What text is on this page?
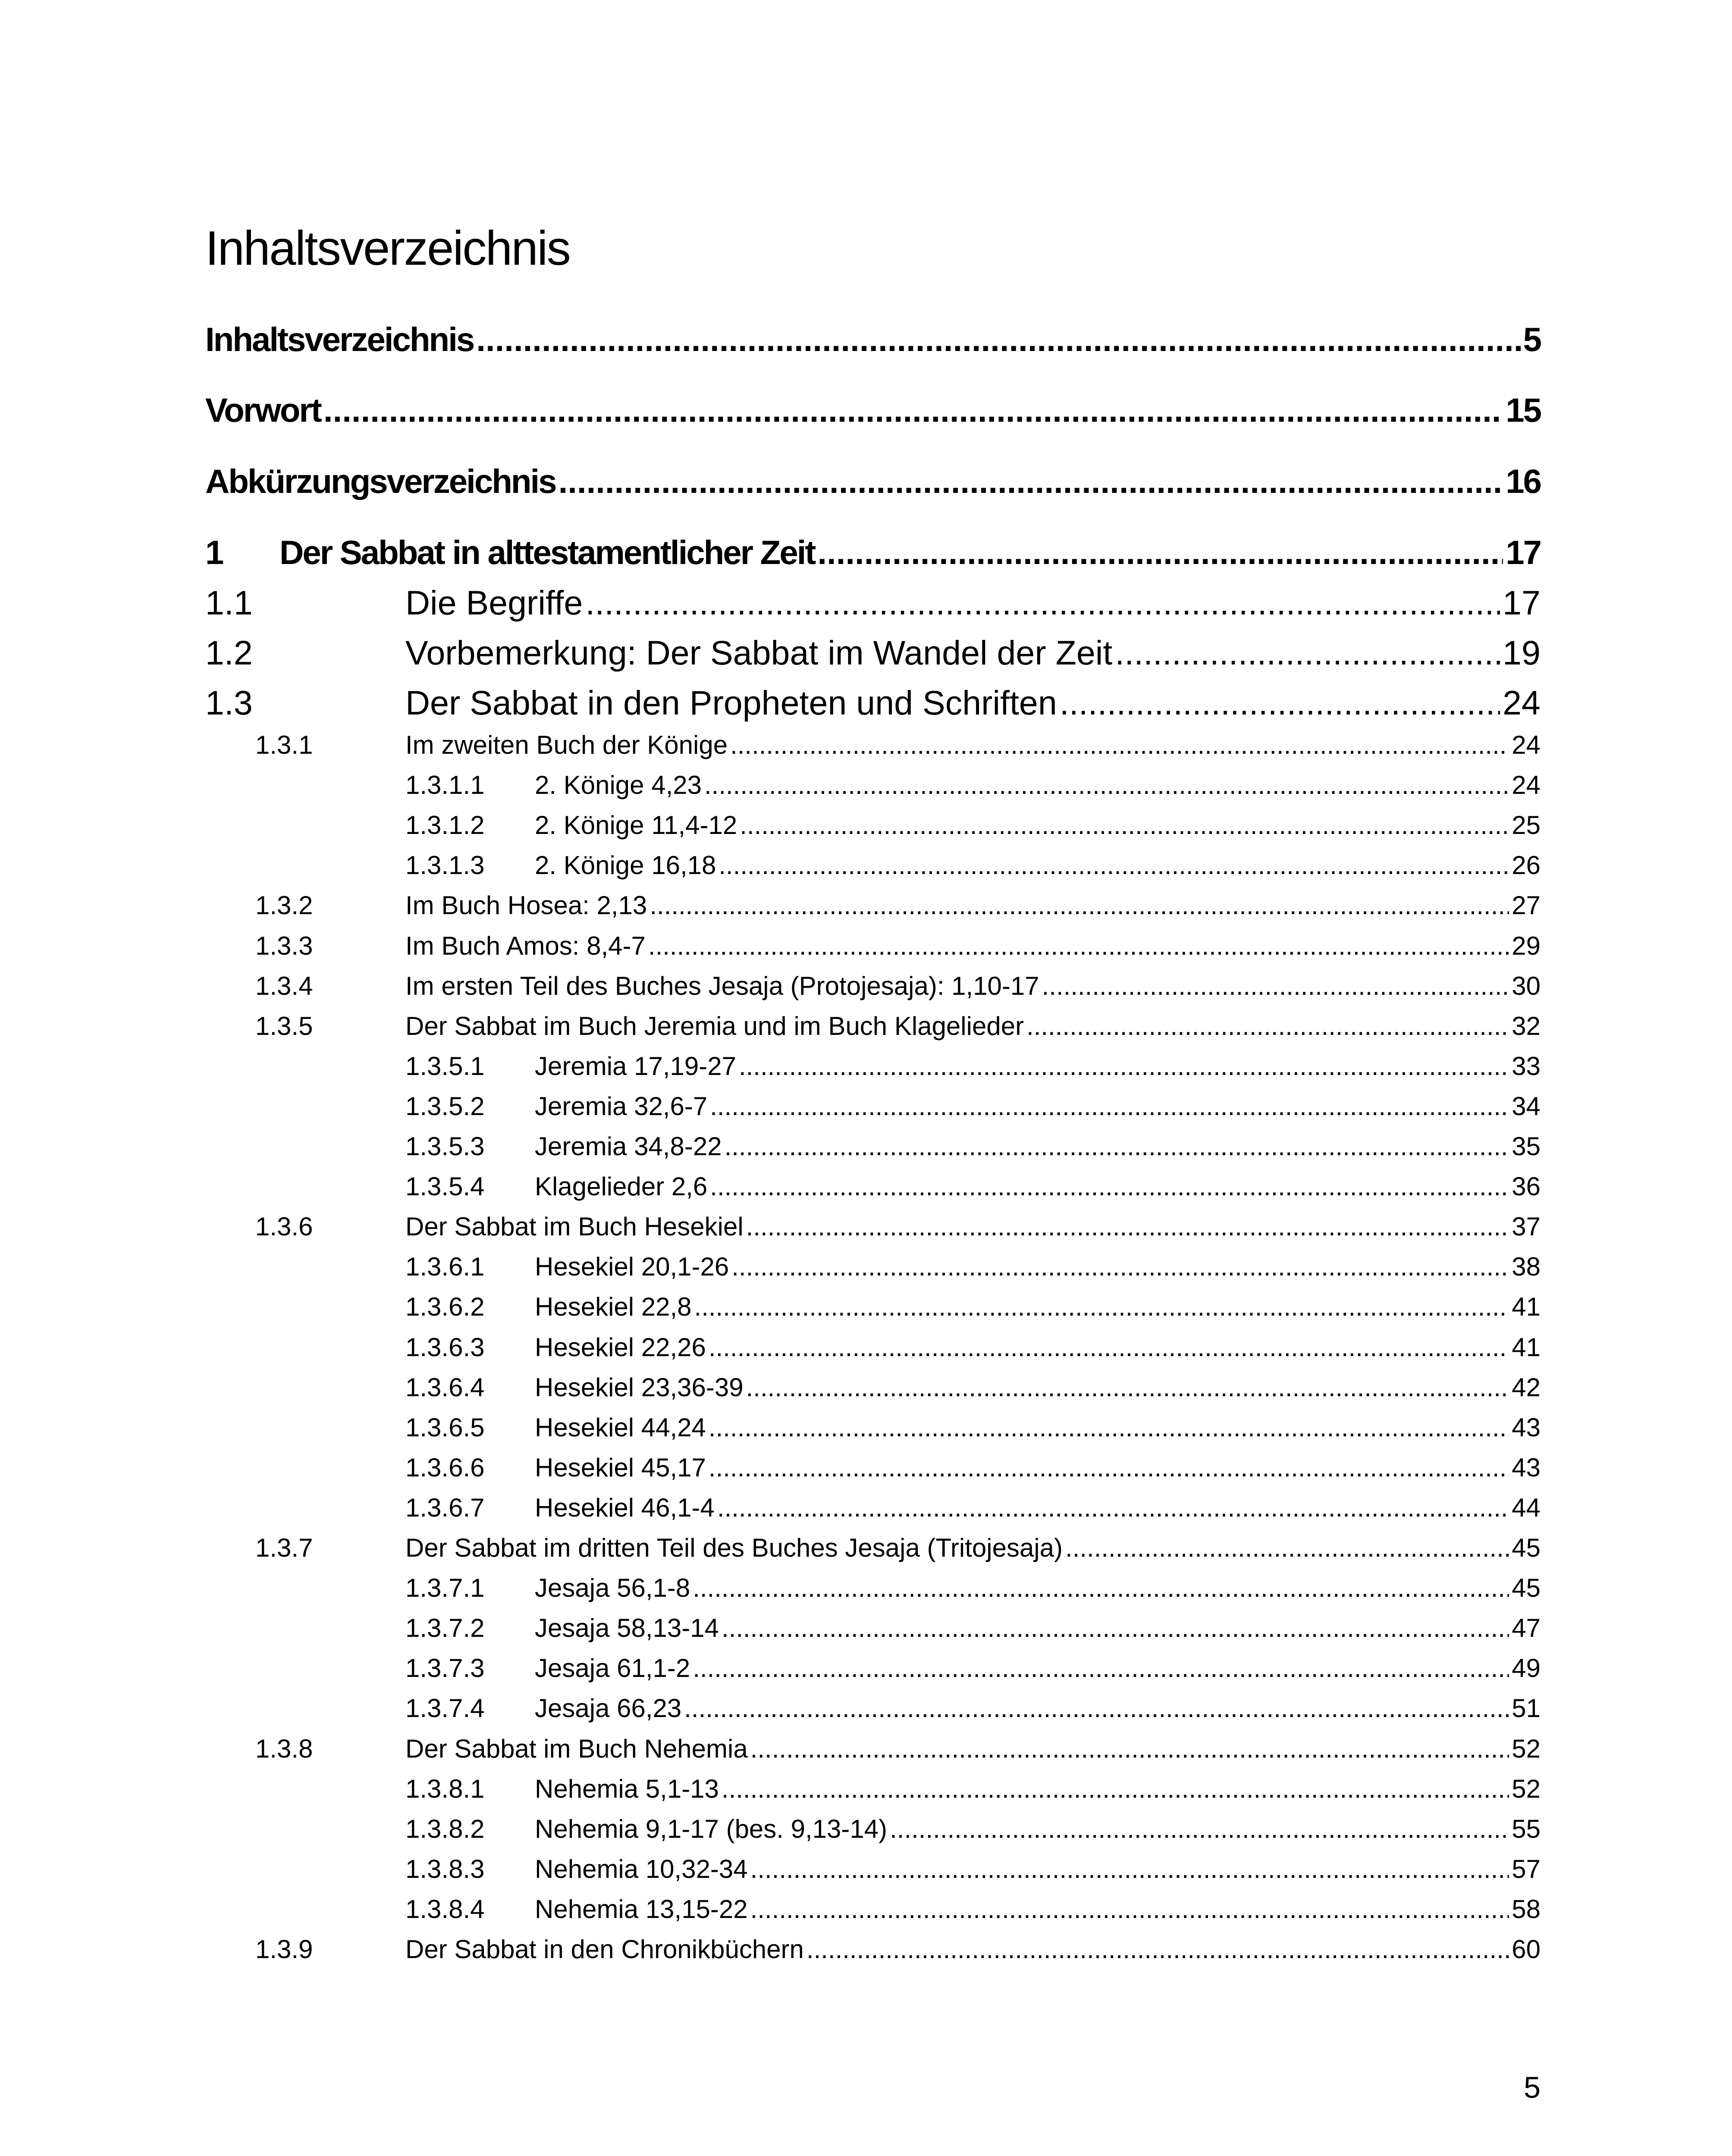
Inhaltsverzeichnis
Inhaltsverzeichnis .....	5
Vorwort .....	15
Abkürzungsverzeichnis .....	16
1	Der Sabbat in alttestamentlicher Zeit .....	17
1.1	Die Begriffe .....	17
1.2	Vorbemerkung: Der Sabbat im Wandel der Zeit .....	19
1.3	Der Sabbat in den Propheten und Schriften .....	24
1.3.1	Im zweiten Buch der Könige .....	24
1.3.1.1	2. Könige 4,23 .....	24
1.3.1.2	2. Könige 11,4-12 .....	25
1.3.1.3	2. Könige 16,18 .....	26
1.3.2	Im Buch Hosea: 2,13 .....	27
1.3.3	Im Buch Amos: 8,4-7 .....	29
1.3.4	Im ersten Teil des Buches Jesaja (Protojesaja): 1,10-17 .....	30
1.3.5	Der Sabbat im Buch Jeremia und im Buch Klagelieder .....	32
1.3.5.1	Jeremia 17,19-27 .....	33
1.3.5.2	Jeremia 32,6-7 .....	34
1.3.5.3	Jeremia 34,8-22 .....	35
1.3.5.4	Klagelieder 2,6 .....	36
1.3.6	Der Sabbat im Buch Hesekiel .....	37
1.3.6.1	Hesekiel 20,1-26 .....	38
1.3.6.2	Hesekiel 22,8 .....	41
1.3.6.3	Hesekiel 22,26 .....	41
1.3.6.4	Hesekiel 23,36-39 .....	42
1.3.6.5	Hesekiel 44,24 .....	43
1.3.6.6	Hesekiel 45,17 .....	43
1.3.6.7	Hesekiel 46,1-4 .....	44
1.3.7	Der Sabbat im dritten Teil des Buches Jesaja (Tritojesaja) .....	45
1.3.7.1	Jesaja 56,1-8 .....	45
1.3.7.2	Jesaja 58,13-14 .....	47
1.3.7.3	Jesaja 61,1-2 .....	49
1.3.7.4	Jesaja 66,23 .....	51
1.3.8	Der Sabbat im Buch Nehemia .....	52
1.3.8.1	Nehemia 5,1-13 .....	52
1.3.8.2	Nehemia 9,1-17 (bes. 9,13-14) .....	55
1.3.8.3	Nehemia 10,32-34 .....	57
1.3.8.4	Nehemia 13,15-22 .....	58
1.3.9	Der Sabbat in den Chronikbüchern .....	60
5
